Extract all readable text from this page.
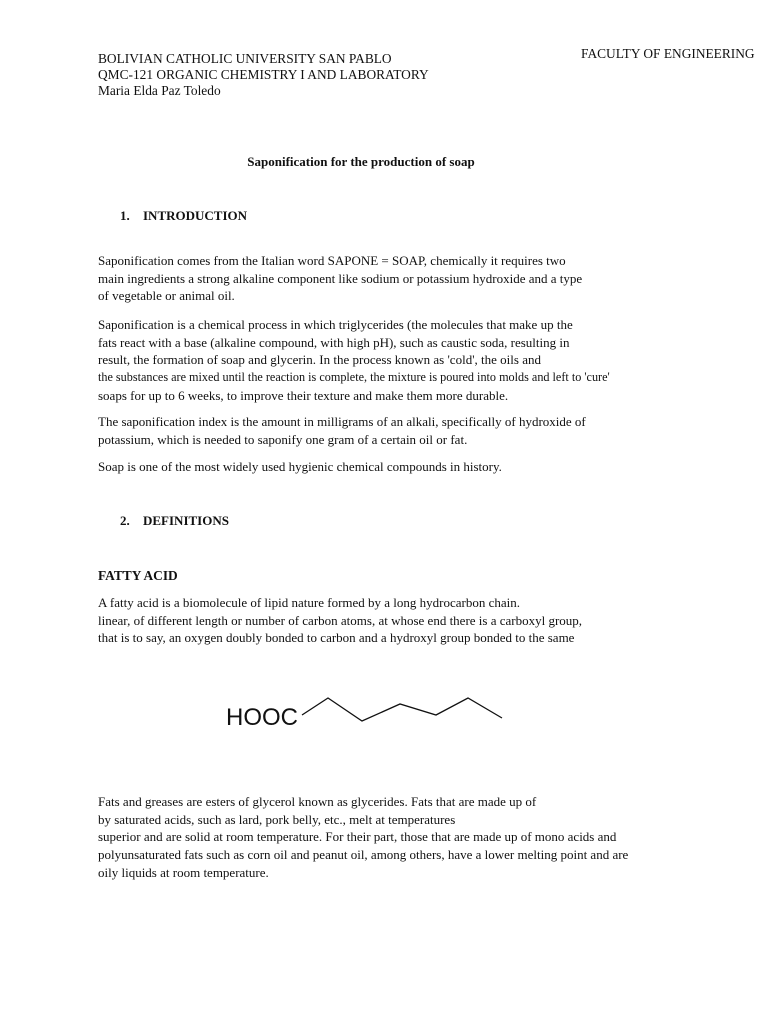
BOLIVIAN CATHOLIC UNIVERSITY SAN PABLO
QMC-121 ORGANIC CHEMISTRY I AND LABORATORY
Maria Elda Paz Toledo
FACULTY OF ENGINEERING
Saponification for the production of soap
1. INTRODUCTION
Saponification comes from the Italian word SAPONE = SOAP, chemically it requires two
main ingredients a strong alkaline component like sodium or potassium hydroxide and a type
of vegetable or animal oil.
Saponification is a chemical process in which triglycerides (the molecules that make up the
fats react with a base (alkaline compound, with high pH), such as caustic soda, resulting in
result, the formation of soap and glycerin. In the process known as 'cold', the oils and
the substances are mixed until the reaction is complete, the mixture is poured into molds and left to 'cure'
soaps for up to 6 weeks, to improve their texture and make them more durable.
The saponification index is the amount in milligrams of an alkali, specifically of hydroxide of
potassium, which is needed to saponify one gram of a certain oil or fat.
Soap is one of the most widely used hygienic chemical compounds in history.
2. DEFINITIONS
FATTY ACID
A fatty acid is a biomolecule of lipid nature formed by a long hydrocarbon chain.
linear, of different length or number of carbon atoms, at whose end there is a carboxyl group,
that is to say, an oxygen doubly bonded to carbon and a hydroxyl group bonded to the same
HOOC
Fats and greases are esters of glycerol known as glycerides. Fats that are made up of
by saturated acids, such as lard, pork belly, etc., melt at temperatures
superior and are solid at room temperature. For their part, those that are made up of mono acids and
polyunsaturated fats such as corn oil and peanut oil, among others, have a lower melting point and are
oily liquids at room temperature.
